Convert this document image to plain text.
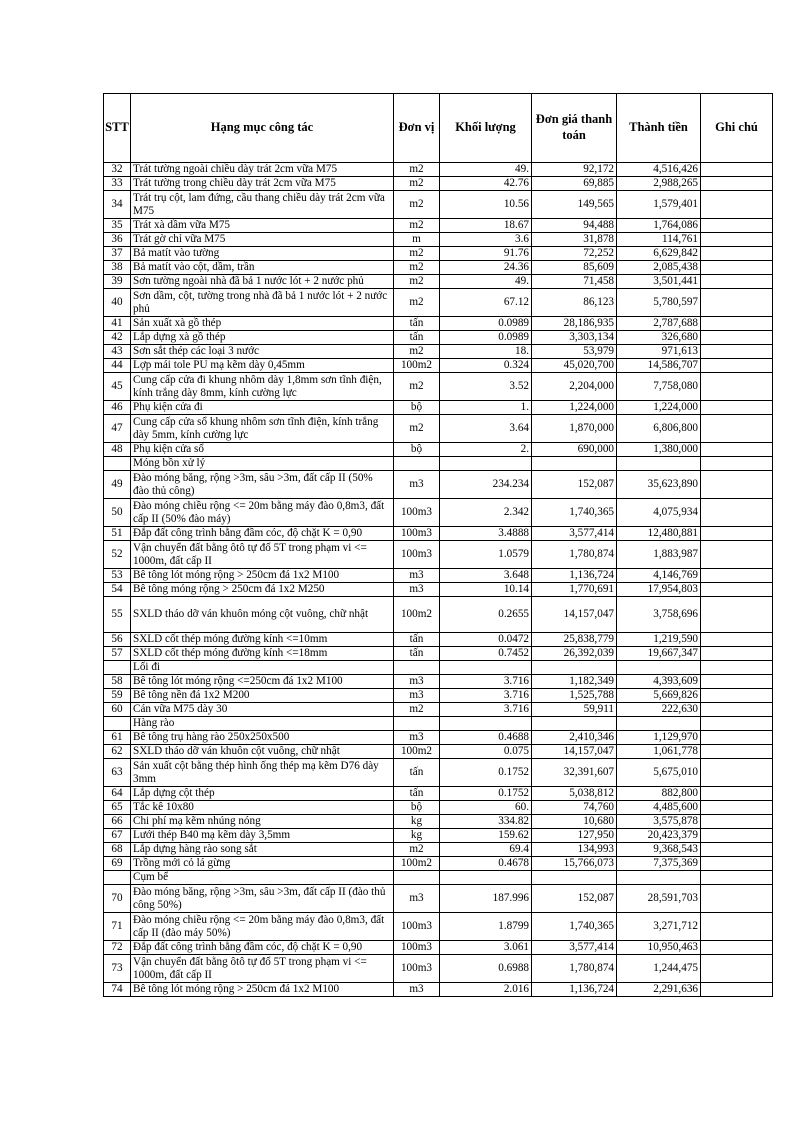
STT	Hạng mục công tác	Đơn vị	Khối lượng	Đơn giá thanh toán	Thành tiền	Ghi chú
32	Trát tường ngoài chiều dày trát 2cm vữa M75	m2	49.	92,172	4,516,426	
33	Trát tường trong chiều dày trát 2cm vữa M75	m2	42.76	69,885	2,988,265	
34	Trát trụ cột, lam đứng, cầu thang chiều dày trát 2cm vữa M75	m2	10.56	149,565	1,579,401	
35	Trát xà dầm vữa M75	m2	18.67	94,488	1,764,086	
36	Trát gờ chỉ vữa M75	m	3.6	31,878	114,761	
37	Bả matít vào tường	m2	91.76	72,252	6,629,842	
38	Bả matít vào cột, dầm, trần	m2	24.36	85,609	2,085,438	
39	Sơn tường ngoài nhà đã bả 1 nước lót + 2 nước phủ	m2	49.	71,458	3,501,441	
40	Sơn dầm, cột, tường trong nhà đã bả 1 nước lót + 2 nước phủ	m2	67.12	86,123	5,780,597	
41	Sản xuất xà gồ thép	tấn	0.0989	28,186,935	2,787,688	
42	Lắp dựng xà gồ thép	tấn	0.0989	3,303,134	326,680	
43	Sơn sắt thép các loại 3 nước	m2	18.	53,979	971,613	
44	Lợp mái tole PU mạ kẽm dày 0,45mm	100m2	0.324	45,020,700	14,586,707	
45	Cung cấp cửa đi khung nhôm dày 1,8mm sơn tĩnh điện, kính trắng dày 8mm, kính cường lực	m2	3.52	2,204,000	7,758,080	
46	Phụ kiện cửa đi	bộ	1.	1,224,000	1,224,000	
47	Cung cấp cửa sổ khung nhôm sơn tĩnh điện, kính trắng dày 5mm, kính cường lực	m2	3.64	1,870,000	6,806,800	
48	Phụ kiện cửa sổ	bộ	2.	690,000	1,380,000	
	Móng bồn xử lý					
49	Đào móng băng, rộng >3m, sâu >3m, đất cấp II (50% đào thủ công)	m3	234.234	152,087	35,623,890	
50	Đào móng chiều rộng <= 20m bằng máy đào 0,8m3, đất cấp II (50% đào máy)	100m3	2.342	1,740,365	4,075,934	
51	Đắp đất công trình bằng đầm cóc, độ chặt K = 0,90	100m3	3.4888	3,577,414	12,480,881	
52	Vận chuyển đất bằng ôtô tự đổ 5T trong phạm vi <= 1000m, đất cấp II	100m3	1.0579	1,780,874	1,883,987	
53	Bê tông lót móng rộng > 250cm đá 1x2 M100	m3	3.648	1,136,724	4,146,769	
54	Bê tông móng rộng > 250cm đá 1x2 M250	m3	10.14	1,770,691	17,954,803	
55	SXLD tháo dỡ ván khuôn móng cột vuông, chữ nhật	100m2	0.2655	14,157,047	3,758,696	
56	SXLD cốt thép móng đường kính <=10mm	tấn	0.0472	25,838,779	1,219,590	
57	SXLD cốt thép móng đường kính <=18mm	tấn	0.7452	26,392,039	19,667,347	
	Lối đi					
58	Bê tông lót móng rộng <=250cm đá 1x2 M100	m3	3.716	1,182,349	4,393,609	
59	Bê tông nền đá 1x2 M200	m3	3.716	1,525,788	5,669,826	
60	Cán vữa M75 dày 30	m2	3.716	59,911	222,630	
	Hàng rào					
61	Bê tông trụ hàng rào 250x250x500	m3	0.4688	2,410,346	1,129,970	
62	SXLD tháo dỡ ván khuôn cột vuông, chữ nhật	100m2	0.075	14,157,047	1,061,778	
63	Sản xuất cột bằng thép hình ống thép mạ kẽm D76 dày 3mm	tấn	0.1752	32,391,607	5,675,010	
64	Lắp dựng cột thép	tấn	0.1752	5,038,812	882,800	
65	Tắc kê 10x80	bộ	60.	74,760	4,485,600	
66	Chi phí mạ kẽm nhúng nóng	kg	334.82	10,680	3,575,878	
67	Lưới thép B40 mạ kẽm dày 3,5mm	kg	159.62	127,950	20,423,379	
68	Lắp dựng hàng rào song sắt	m2	69.4	134,993	9,368,543	
69	Trồng mới cỏ lá gừng	100m2	0.4678	15,766,073	7,375,369	
	Cụm bể					
70	Đào móng băng, rộng >3m, sâu >3m, đất cấp II (đào thủ công 50%)	m3	187.996	152,087	28,591,703	
71	Đào móng chiều rộng <= 20m bằng máy đào 0,8m3, đất cấp II (đào máy 50%)	100m3	1.8799	1,740,365	3,271,712	
72	Đắp đất công trình bằng đầm cóc, độ chặt K = 0,90	100m3	3.061	3,577,414	10,950,463	
73	Vận chuyển đất bằng ôtô tự đổ 5T trong phạm vi <= 1000m, đất cấp II	100m3	0.6988	1,780,874	1,244,475	
74	Bê tông lót móng rộng > 250cm đá 1x2 M100	m3	2.016	1,136,724	2,291,636	
